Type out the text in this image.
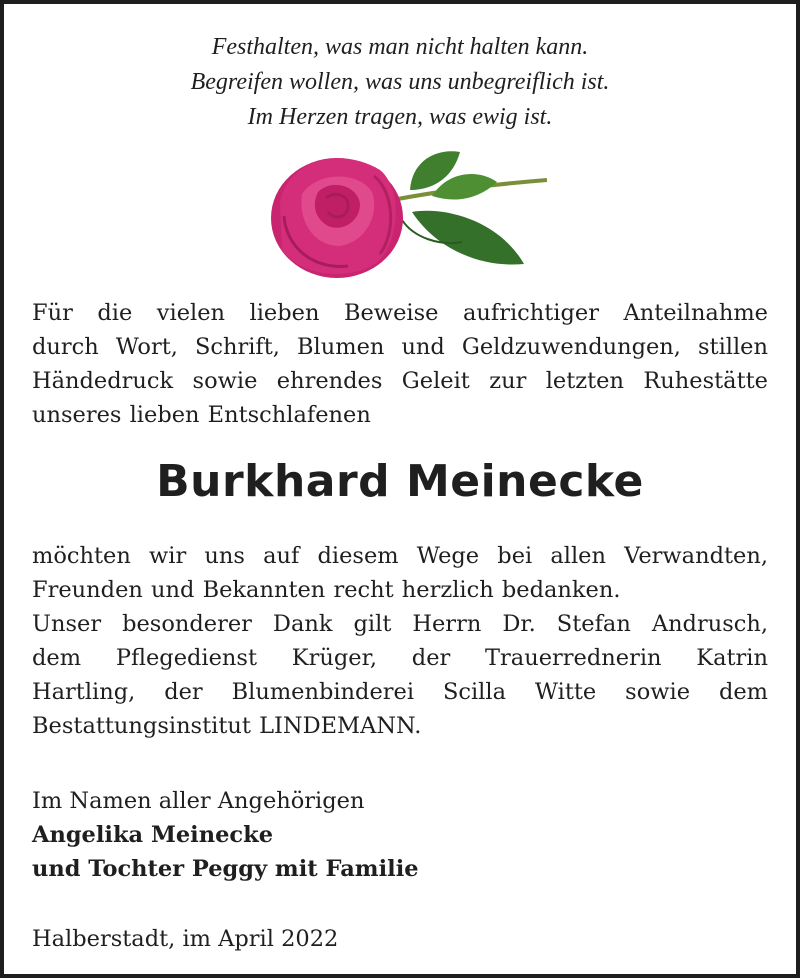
Festhalten, was man nicht halten kann.
Begreifen wollen, was uns unbegreiflich ist.
Im Herzen tragen, was ewig ist.
Für die vielen lieben Beweise aufrichtiger Anteilnahme
durch Wort, Schrift, Blumen und Geldzuwendungen, stillen
Händedruck sowie ehrendes Geleit zur letzten Ruhestätte
unseres lieben Entschlafenen
Burkhard Meinecke
möchten wir uns auf diesem Wege bei allen Verwandten,
Freunden und Bekannten recht herzlich bedanken.
Unser besonderer Dank gilt Herrn Dr. Stefan Andrusch,
dem Pflegedienst Krüger, der Trauerrednerin Katrin
Hartling, der Blumenbinderei Scilla Witte sowie dem
Bestattungsinstitut LINDEMANN.
Im Namen aller Angehörigen
Angelika Meinecke
und Tochter Peggy mit Familie
Halberstadt, im April 2022
